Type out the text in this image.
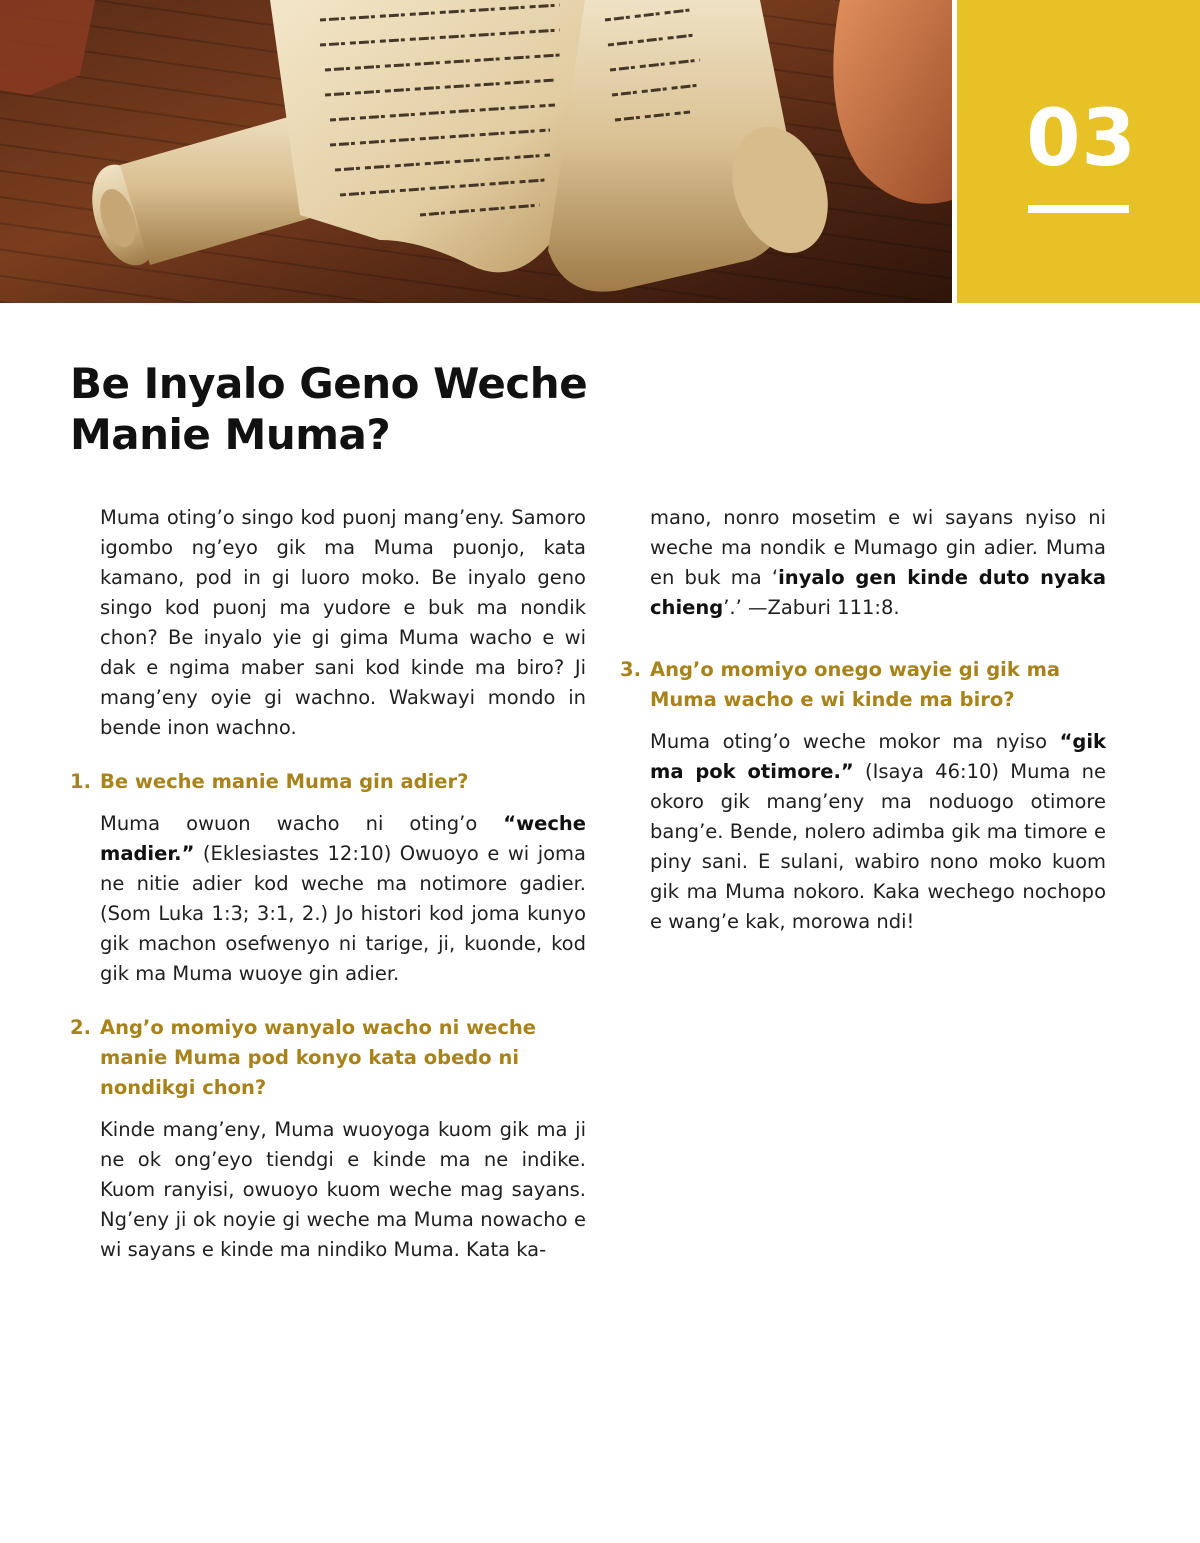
03
Be Inyalo Geno Weche Manie Muma?

Muma oting’o singo kod puonj mang’eny. Samoro igombo ng’eyo gik ma Muma puonjo, kata kamano, pod in gi luoro moko. Be inyalo geno singo kod puonj ma yudore e buk ma nondik chon? Be inyalo yie gi gima Muma wacho e wi dak e ngima maber sani kod kinde ma biro? Ji mang’eny oyie gi wachno. Wakwayi mondo in bende inon wachno.

1. Be weche manie Muma gin adier?

Muma owuon wacho ni oting’o “weche madier.” (Eklesiastes 12:10) Owuoyo e wi joma ne nitie adier kod weche ma notimore gadier. (Som Luka 1:3; 3:1, 2.) Jo histori kod joma kunyo gik machon osefwenyo ni tarige, ji, kuonde, kod gik ma Muma wuoye gin adier.

2. Ang’o momiyo wanyalo wacho ni weche manie Muma pod konyo kata obedo ni nondikgi chon?

Kinde mang’eny, Muma wuoyoga kuom gik ma ji ne ok ong’eyo tiendgi e kinde ma ne indike. Kuom ranyisi, owuoyo kuom weche mag sayans. Ng’eny ji ok noyie gi weche ma Muma nowacho e wi sayans e kinde ma nindiko Muma. Kata ka-

mano, nonro mosetim e wi sayans nyiso ni weche ma nondik e Mumago gin adier. Muma en buk ma ‘inyalo gen kinde duto nyaka chieng’.’ —Zaburi 111:8.

3. Ang’o momiyo onego wayie gi gik ma Muma wacho e wi kinde ma biro?

Muma oting’o weche mokor ma nyiso “gik ma pok otimore.” (Isaya 46:10) Muma ne okoro gik mang’eny ma noduogo otimore bang’e. Bende, nolero adimba gik ma timore e piny sani. E sulani, wabiro nono moko kuom gik ma Muma nokoro. Kaka wechego nochopo e wang’e kak, morowa ndi!
